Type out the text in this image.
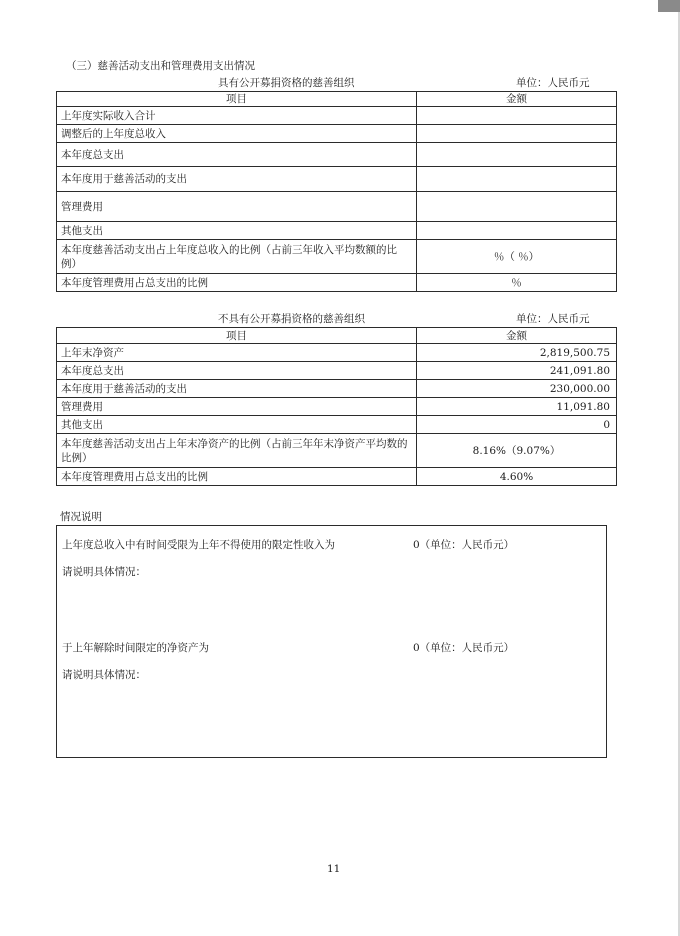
（三）慈善活动支出和管理费用支出情况
具有公开募捐资格的慈善组织	单位：人民币元
项目	金额
上年度实际收入合计	
调整后的上年度总收入	
本年度总支出	
本年度用于慈善活动的支出	
管理费用	
其他支出	
本年度慈善活动支出占上年度总收入的比例（占前三年收入平均数额的比例）	％（ ％）
本年度管理费用占总支出的比例	％
不具有公开募捐资格的慈善组织	单位：人民币元
项目	金额
上年末净资产	2,819,500.75
本年度总支出	241,091.80
本年度用于慈善活动的支出	230,000.00
管理费用	11,091.80
其他支出	0
本年度慈善活动支出占上年末净资产的比例（占前三年年末净资产平均数的比例）	8.16%（9.07%）
本年度管理费用占总支出的比例	4.60%
情况说明
上年度总收入中有时间受限为上年不得使用的限定性收入为	0（单位：人民币元）
请说明具体情况：
于上年解除时间限定的净资产为	0（单位：人民币元）
请说明具体情况：
11
